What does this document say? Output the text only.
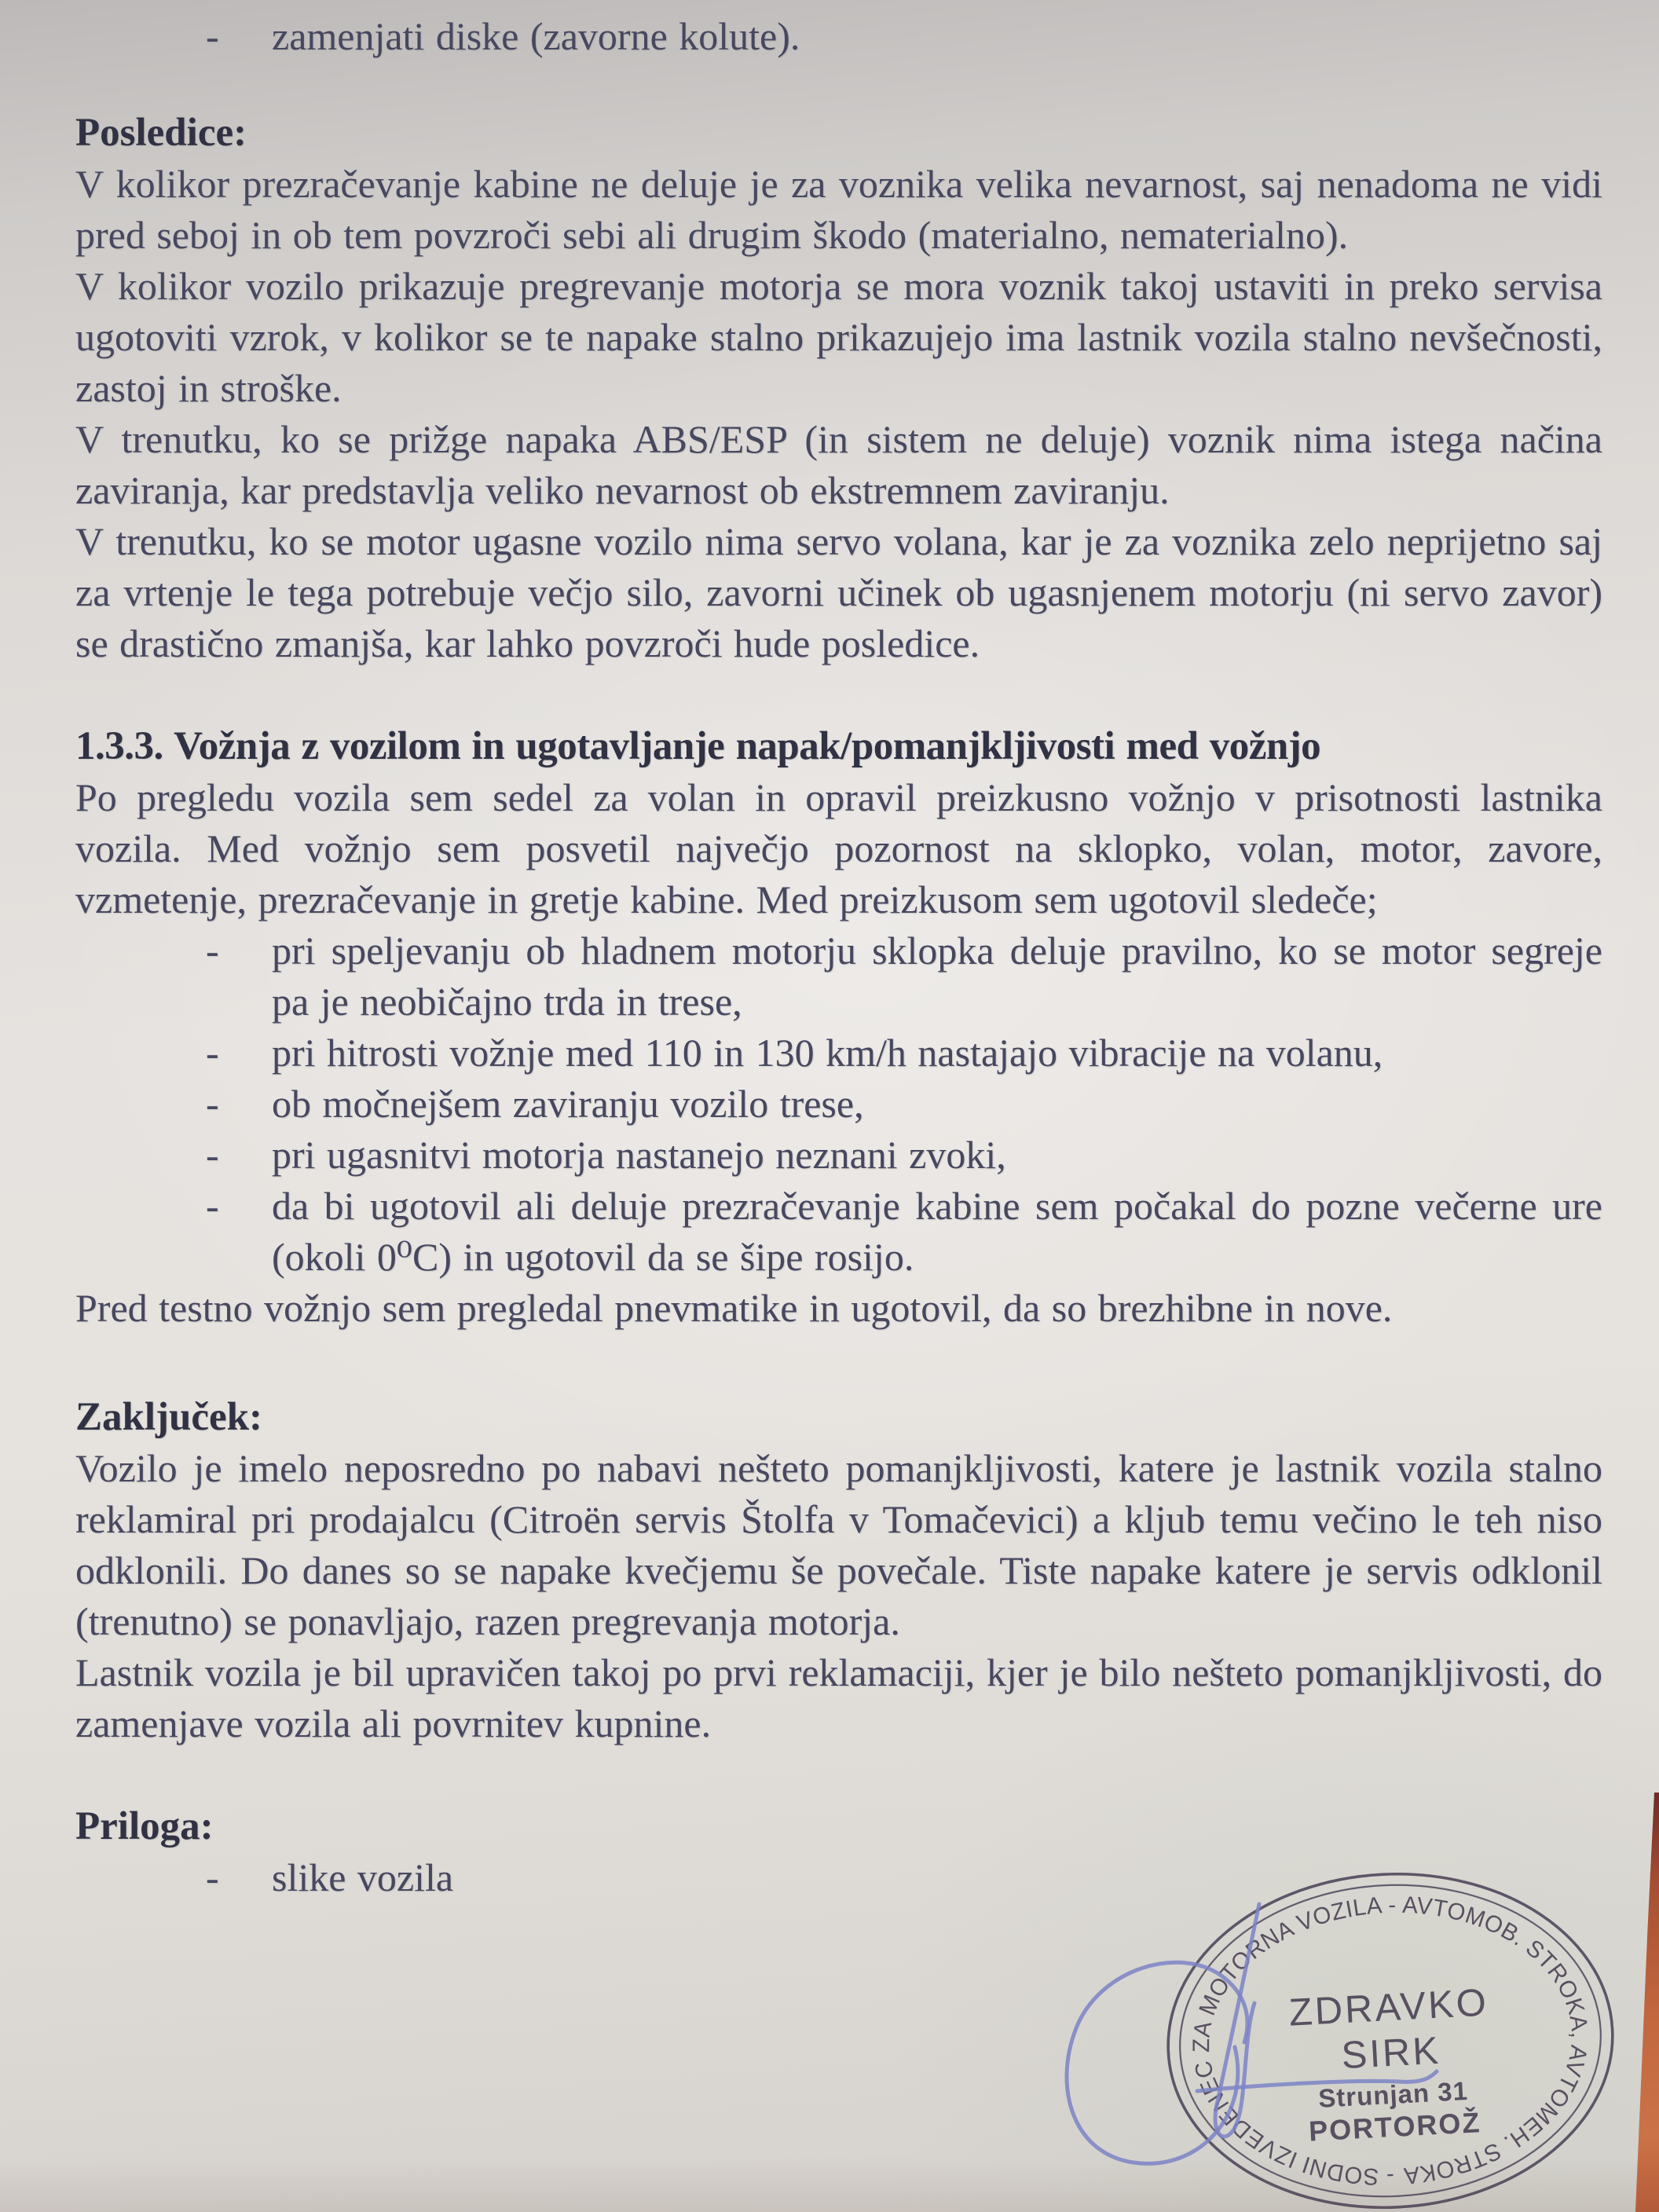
-	zamenjati diske (zavorne kolute).
Posledice:

V kolikor prezračevanje kabine ne deluje je za voznika velika nevarnost, saj nenadoma ne vidi pred seboj in ob tem povzroči sebi ali drugim škodo (materialno, nematerialno).

V kolikor vozilo prikazuje pregrevanje motorja se mora voznik takoj ustaviti in preko servisa ugotoviti vzrok, v kolikor se te napake stalno prikazujejo ima lastnik vozila stalno nevšečnosti, zastoj in stroške.

V trenutku, ko se prižge napaka ABS/ESP (in sistem ne deluje) voznik nima istega načina zaviranja, kar predstavlja veliko nevarnost ob ekstremnem zaviranju.

V trenutku, ko se motor ugasne vozilo nima servo volana, kar je za voznika zelo neprijetno saj za vrtenje le tega potrebuje večjo silo, zavorni učinek ob ugasnjenem motorju (ni servo zavor) se drastično zmanjša, kar lahko povzroči hude posledice.

1.3.3. Vožnja z vozilom in ugotavljanje napak/pomanjkljivosti med vožnjo

Po pregledu vozila sem sedel za volan in opravil preizkusno vožnjo v prisotnosti lastnika vozila. Med vožnjo sem posvetil največjo pozornost na sklopko, volan, motor, zavore, vzmetenje, prezračevanje in gretje kabine. Med preizkusom sem ugotovil sledeče;

-	pri speljevanju ob hladnem motorju sklopka deluje pravilno, ko se motor segreje pa je neobičajno trda in trese,
-	pri hitrosti vožnje med 110 in 130 km/h nastajajo vibracije na volanu,
-	ob močnejšem zaviranju vozilo trese,
-	pri ugasnitvi motorja nastanejo neznani zvoki,
-	da bi ugotovil ali deluje prezračevanje kabine sem počakal do pozne večerne ure (okoli 0⁰C) in ugotovil da se šipe rosijo.

Pred testno vožnjo sem pregledal pnevmatike in ugotovil, da so brezhibne in nove.

Zaključek:

Vozilo je imelo neposredno po nabavi nešteto pomanjkljivosti, katere je lastnik vozila stalno reklamiral pri prodajalcu (Citroën servis Štolfa v Tomačevici) a kljub temu večino le teh niso odklonili. Do danes so se napake kvečjemu še povečale. Tiste napake katere je servis odklonil (trenutno) se ponavljajo, razen pregrevanja motorja.

Lastnik vozila je bil upravičen takoj po prvi reklamaciji, kjer je bilo nešteto pomanjkljivosti, do zamenjave vozila ali povrnitev kupnine.

Priloga:
-	slike vozila
- SODNI IZVEDENEC ZA MOTORNA VOZILA - AVTOMOB. STROKA, AVTOMEH. STROKA
ZDRAVKO
SIRK
Strunjan 31
PORTOROŽ
